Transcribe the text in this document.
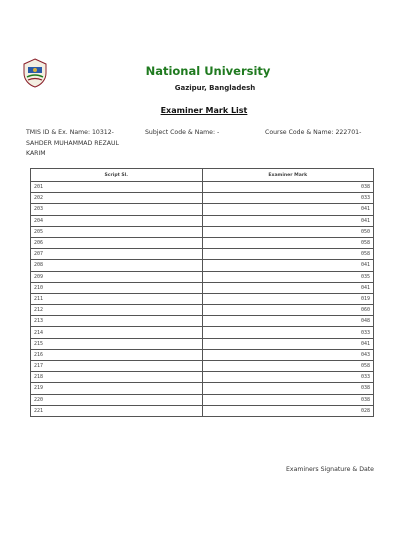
National University
Gazipur, Bangladesh
Examiner Mark List
TMIS ID & Ex. Name: 10312-SAHDER MUHAMMAD REZAUL KARIM
Subject Code & Name: -	Course Code & Name: 222701-
Script Sl.	Examiner Mark
201	038
202	033
203	041
204	041
205	050
206	058
207	058
208	041
209	035
210	041
211	019
212	060
213	048
214	033
215	041
216	043
217	058
218	033
219	038
220	038
221	028
Examiners Signature & Date
